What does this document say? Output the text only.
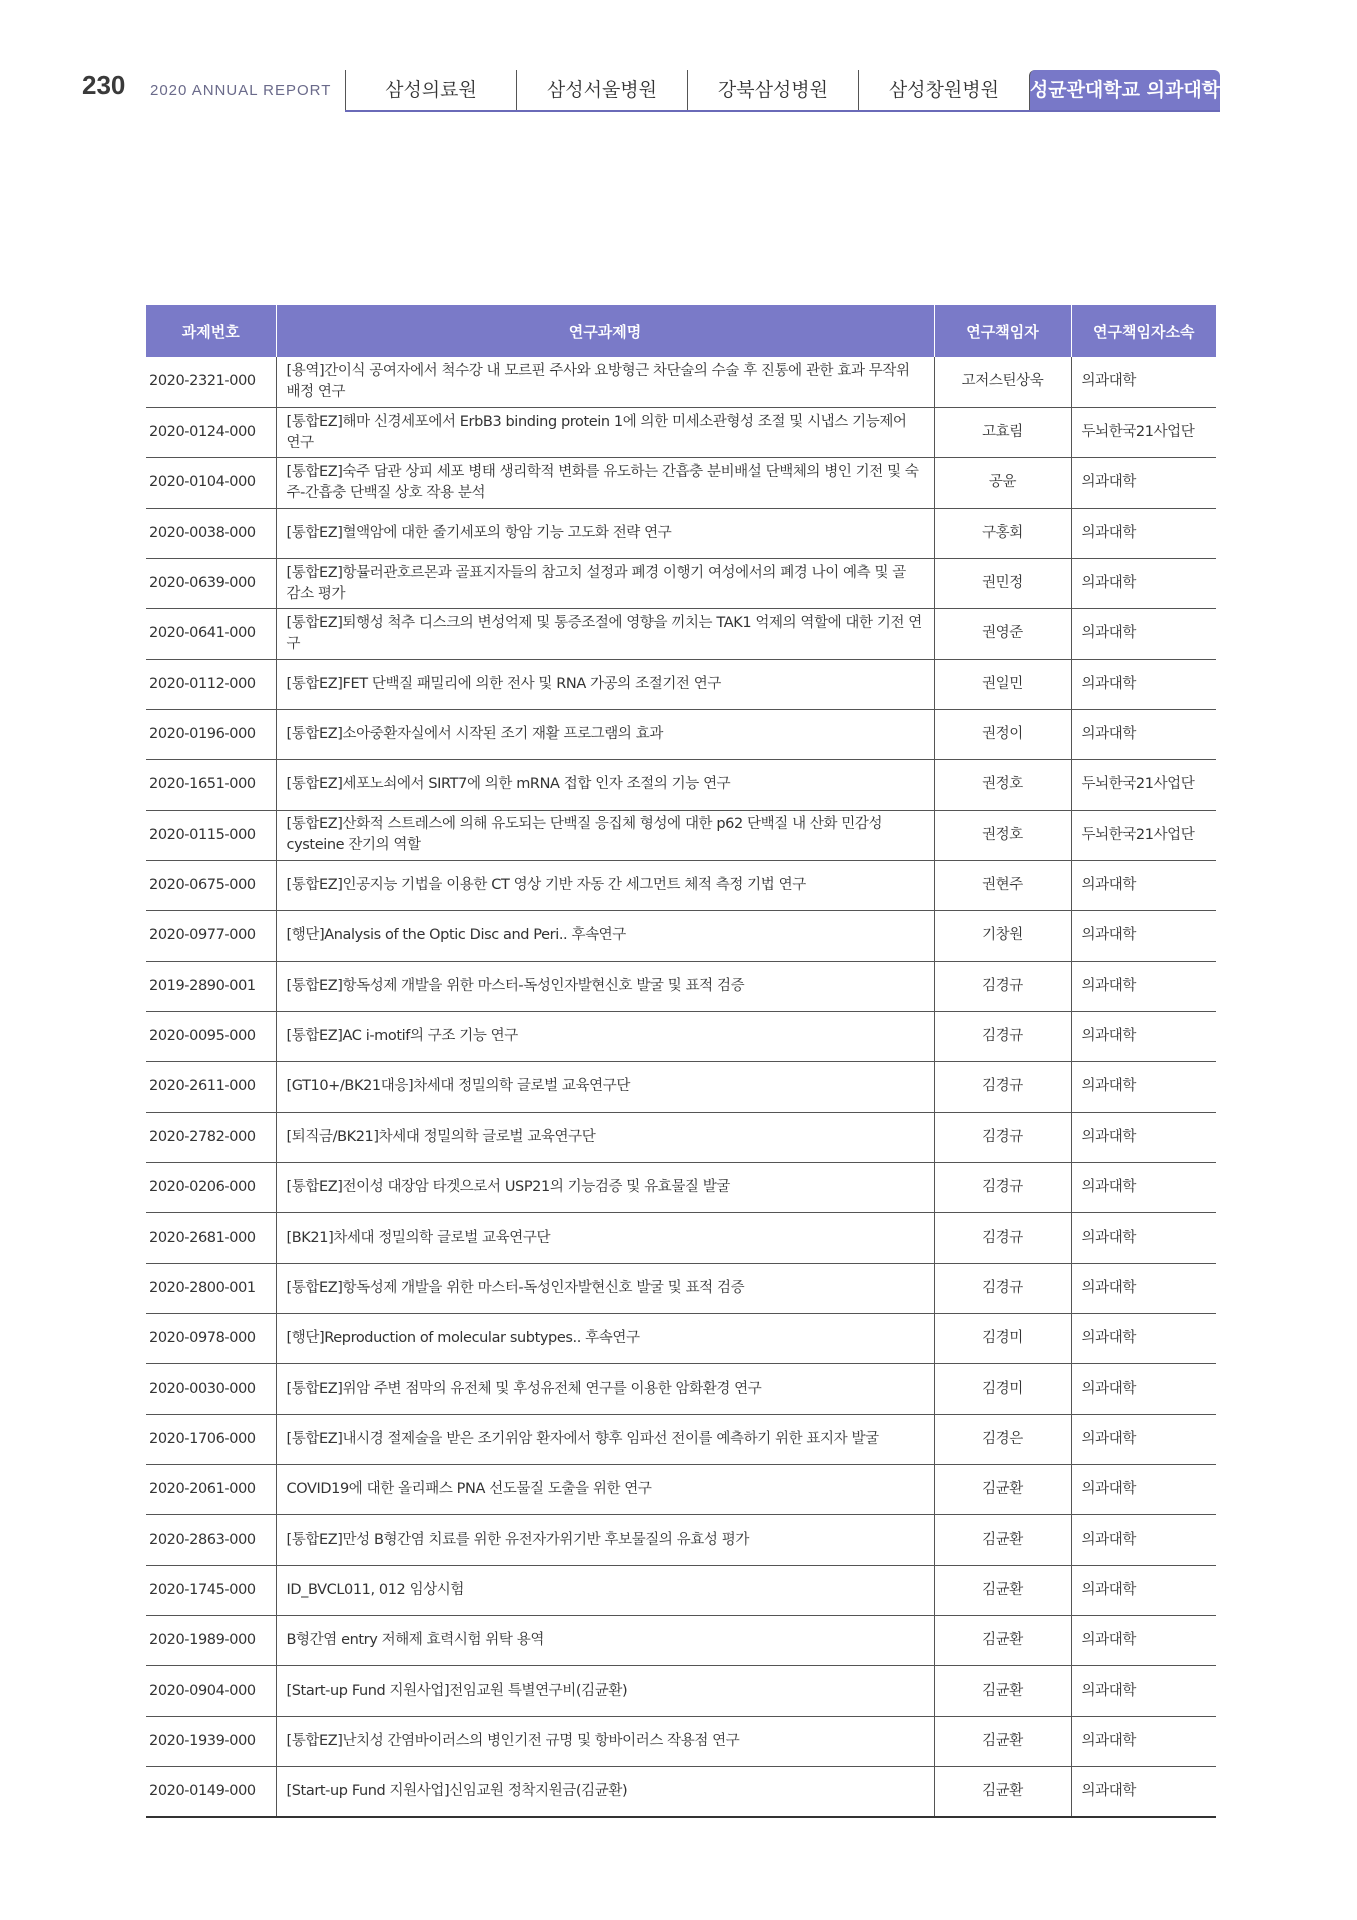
230 2020 ANNUAL REPORT	삼성의료원	삼성서울병원	강북삼성병원	삼성창원병원	성균관대학교 의과대학
과제번호	연구과제명	연구책임자	연구책임자소속
2020-2321-000	[용역]간이식 공여자에서 척수강 내 모르핀 주사와 요방형근 차단술의 수술 후 진통에 관한 효과 무작위 배정 연구	고저스틴상욱	의과대학
2020-0124-000	[통합EZ]해마 신경세포에서 ErbB3 binding protein 1에 의한 미세소관형성 조절 및 시냅스 기능제어 연구	고효림	두뇌한국21사업단
2020-0104-000	[통합EZ]숙주 담관 상피 세포 병태 생리학적 변화를 유도하는 간흡충 분비배설 단백체의 병인 기전 및 숙주-간흡충 단백질 상호 작용 분석	공윤	의과대학
2020-0038-000	[통합EZ]혈액암에 대한 줄기세포의 항암 기능 고도화 전략 연구	구홍회	의과대학
2020-0639-000	[통합EZ]항뮬러관호르몬과 골표지자들의 참고치 설정과 폐경 이행기 여성에서의 폐경 나이 예측 및 골 감소 평가	권민정	의과대학
2020-0641-000	[통합EZ]퇴행성 척추 디스크의 변성억제 및 통증조절에 영향을 끼치는 TAK1 억제의 역할에 대한 기전 연구	권영준	의과대학
2020-0112-000	[통합EZ]FET 단백질 패밀리에 의한 전사 및 RNA 가공의 조절기전 연구	권일민	의과대학
2020-0196-000	[통합EZ]소아중환자실에서 시작된 조기 재활 프로그램의 효과	권정이	의과대학
2020-1651-000	[통합EZ]세포노쇠에서 SIRT7에 의한 mRNA 접합 인자 조절의 기능 연구	권정호	두뇌한국21사업단
2020-0115-000	[통합EZ]산화적 스트레스에 의해 유도되는 단백질 응집체 형성에 대한 p62 단백질 내 산화 민감성 cysteine 잔기의 역할	권정호	두뇌한국21사업단
2020-0675-000	[통합EZ]인공지능 기법을 이용한 CT 영상 기반 자동 간 세그먼트 체적 측정 기법 연구	권현주	의과대학
2020-0977-000	[행단]Analysis of the Optic Disc and Peri.. 후속연구	기창원	의과대학
2019-2890-001	[통합EZ]항독성제 개발을 위한 마스터-독성인자발현신호 발굴 및 표적 검증	김경규	의과대학
2020-0095-000	[통합EZ]AC i-motif의 구조 기능 연구	김경규	의과대학
2020-2611-000	[GT10+/BK21대응]차세대 정밀의학 글로벌 교육연구단	김경규	의과대학
2020-2782-000	[퇴직금/BK21]차세대 정밀의학 글로벌 교육연구단	김경규	의과대학
2020-0206-000	[통합EZ]전이성 대장암 타겟으로서 USP21의 기능검증 및 유효물질 발굴	김경규	의과대학
2020-2681-000	[BK21]차세대 정밀의학 글로벌 교육연구단	김경규	의과대학
2020-2800-001	[통합EZ]항독성제 개발을 위한 마스터-독성인자발현신호 발굴 및 표적 검증	김경규	의과대학
2020-0978-000	[행단]Reproduction of molecular subtypes.. 후속연구	김경미	의과대학
2020-0030-000	[통합EZ]위암 주변 점막의 유전체 및 후성유전체 연구를 이용한 암화환경 연구	김경미	의과대학
2020-1706-000	[통합EZ]내시경 절제술을 받은 조기위암 환자에서 향후 임파선 전이를 예측하기 위한 표지자 발굴	김경은	의과대학
2020-2061-000	COVID19에 대한 올리패스 PNA 선도물질 도출을 위한 연구	김균환	의과대학
2020-2863-000	[통합EZ]만성 B형간염 치료를 위한 유전자가위기반 후보물질의 유효성 평가	김균환	의과대학
2020-1745-000	ID_BVCL011, 012 임상시험	김균환	의과대학
2020-1989-000	B형간염 entry 저해제 효력시험 위탁 용역	김균환	의과대학
2020-0904-000	[Start-up Fund 지원사업]전임교원 특별연구비(김균환)	김균환	의과대학
2020-1939-000	[통합EZ]난치성 간염바이러스의 병인기전 규명 및 항바이러스 작용점 연구	김균환	의과대학
2020-0149-000	[Start-up Fund 지원사업]신임교원 정착지원금(김균환)	김균환	의과대학
